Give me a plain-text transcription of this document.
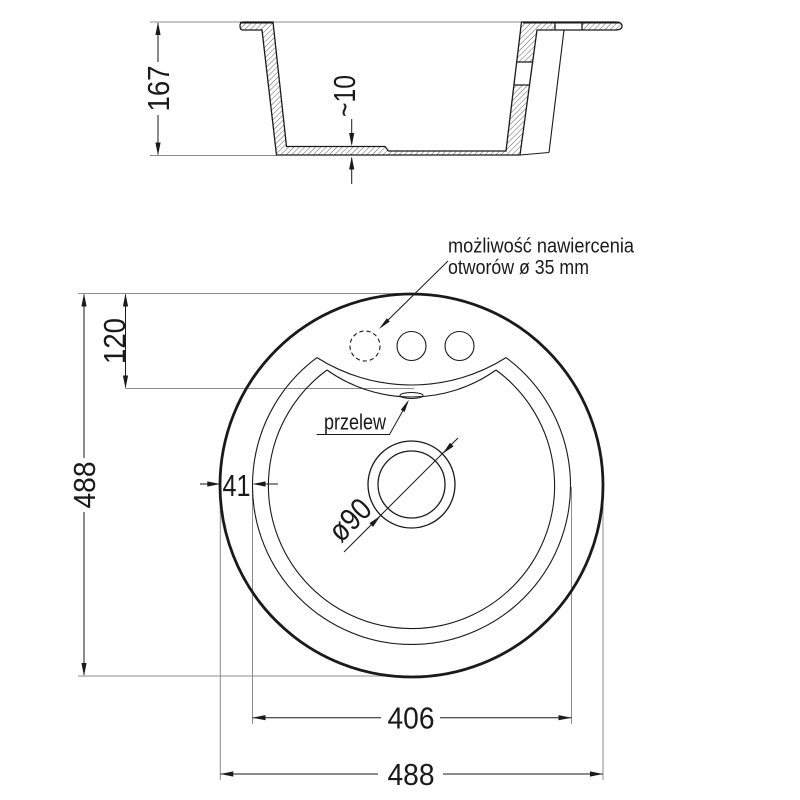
167	~10
ø90
488
120
41
406
488
przelew
możliwość nawiercenia
otworów ø 35 mm
